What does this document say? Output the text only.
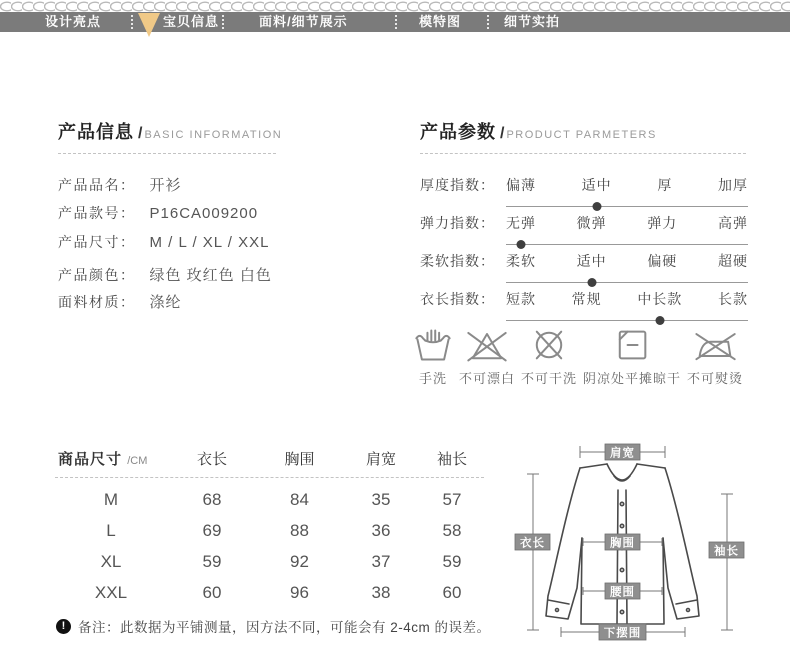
设计亮点	宝贝信息	面料/细节展示	模特图	细节实拍
产品信息 / BASIC INFORMATION
产品品名： 开衫
产品款号： P16CA009200
产品尺寸： M / L / XL / XXL
产品颜色： 绿色 玫红色 白色
面料材质： 涤纶
产品参数 / PRODUCT PARMETERS
厚度指数： 偏薄	适中	厚	加厚
弹力指数： 无弹	微弹	弹力	高弹
柔软指数： 柔软	适中	偏硬	超硬
衣长指数： 短款	常规	中长款	长款
手洗 不可漂白 不可干洗 阴凉处平摊晾干 不可熨烫
商品尺寸 /CM	衣长	胸围	肩宽	袖长
M	68	84	35	57
L	69	88	36	58
XL	59	92	37	59
XXL	60	96	38	60
! 备注：此数据为平铺测量，因方法不同，可能会有 2-4cm 的误差。
肩宽
衣长
袖长
胸围
腰围
下摆围
